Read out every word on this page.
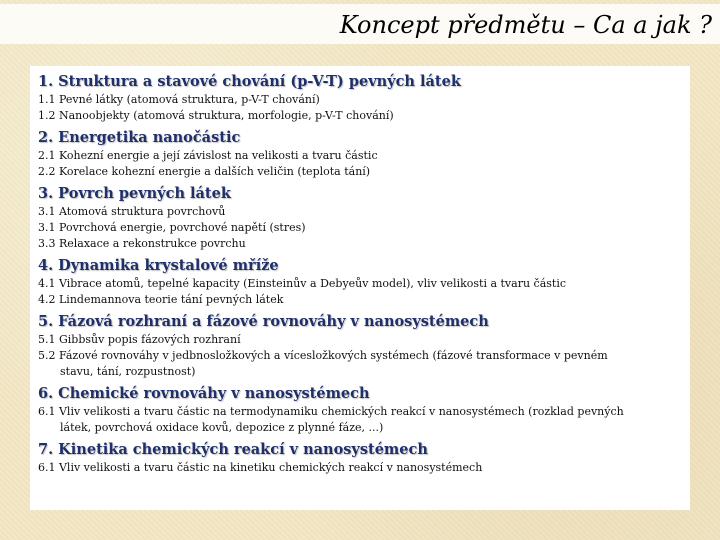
Koncept předmětu – Ca a jak ?
1. Struktura a stavové chování (p-V-T) pevných látek
1.1 Pevné látky (atomová struktura, p-V-T chování)
1.2 Nanoobjekty (atomová struktura, morfologie, p-V-T chování)
2. Energetika nanočástic
2.1 Kohezní energie a její závislost na velikosti a tvaru částic
2.2 Korelace kohezní energie a dalších veličin (teplota tání)
3. Povrch pevných látek
3.1 Atomová struktura povrchovů
3.1 Povrchová energie, povrchové napětí (stres)
3.3 Relaxace a rekonstrukce povrchu
4. Dynamika krystalové mříže
4.1 Vibrace atomů, tepelné kapacity (Einsteinův a Debyeův model), vliv velikosti a tvaru částic
4.2 Lindemannova teorie tání pevných látek
5. Fázová rozhraní a fázové rovnováhy v nanosystémech
5.1 Gibbsův popis fázových rozhraní
5.2 Fázové rovnováhy v jedbnosložkových a vícesložkových systémech (fázové transformace v pevném
stavu, tání, rozpustnost)
6. Chemické rovnováhy v nanosystémech
6.1 Vliv velikosti a tvaru částic na termodynamiku chemických reakcí v nanosystémech (rozklad pevných
látek, povrchová oxidace kovů, depozice z plynné fáze, ...)
7. Kinetika chemických reakcí v nanosystémech
6.1 Vliv velikosti a tvaru částic na kinetiku chemických reakcí v nanosystémech
